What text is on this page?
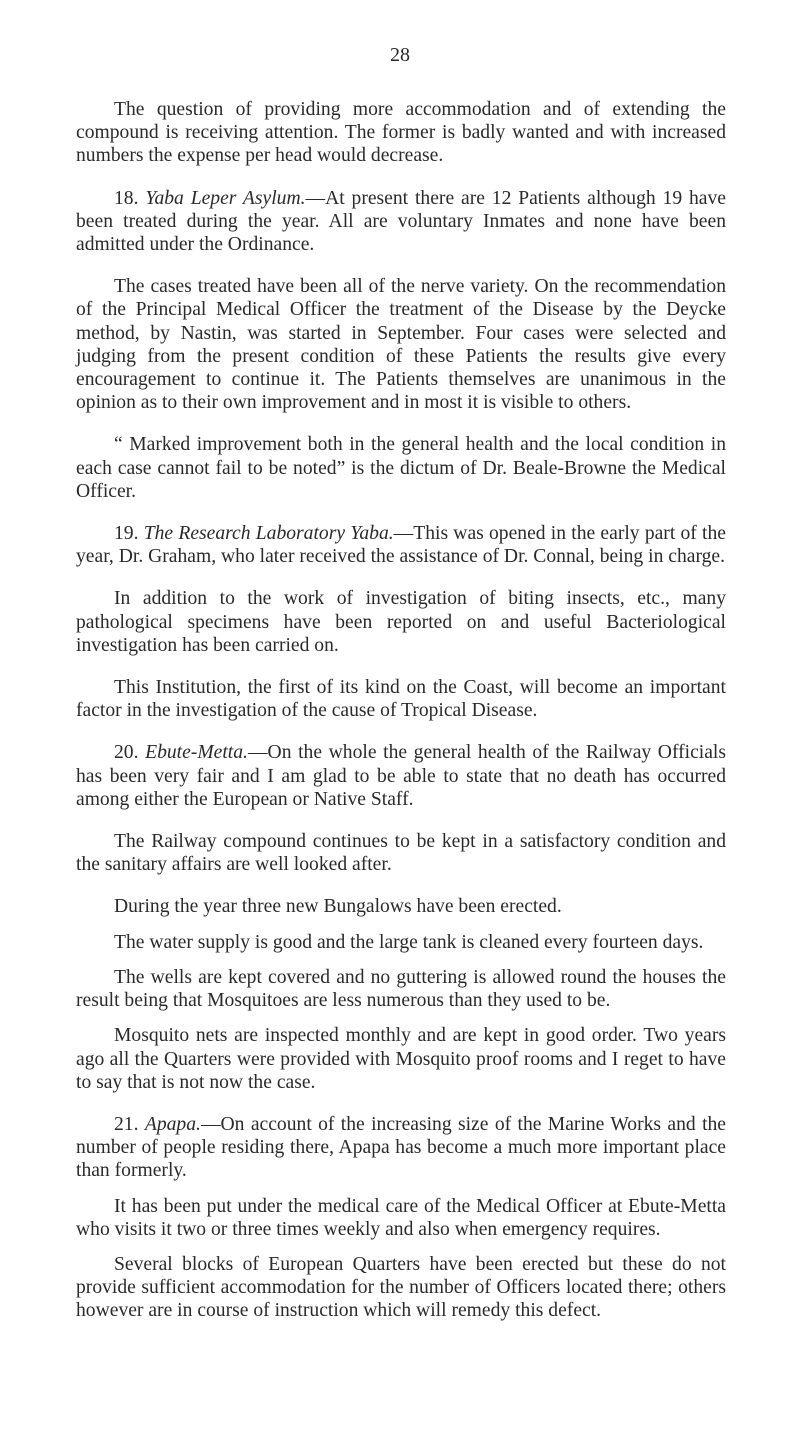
28

The question of providing more accommodation and of extending the compound is receiving attention. The former is badly wanted and with increased numbers the expense per head would decrease.

18. Yaba Leper Asylum.—At present there are 12 Patients although 19 have been treated during the year. All are voluntary Inmates and none have been admitted under the Ordinance.

The cases treated have been all of the nerve variety. On the recommendation of the Principal Medical Officer the treatment of the Disease by the Deycke method, by Nastin, was started in September. Four cases were selected and judging from the present condition of these Patients the results give every encouragement to continue it. The Patients themselves are unanimous in the opinion as to their own improvement and in most it is visible to others.

“ Marked improvement both in the general health and the local condition in each case cannot fail to be noted” is the dictum of Dr. Beale-Browne the Medical Officer.

19. The Research Laboratory Yaba.—This was opened in the early part of the year, Dr. Graham, who later received the assistance of Dr. Connal, being in charge.

In addition to the work of investigation of biting insects, etc., many pathological specimens have been reported on and useful Bacteriological investigation has been carried on.

This Institution, the first of its kind on the Coast, will become an important factor in the investigation of the cause of Tropical Disease.

20. Ebute-Metta.—On the whole the general health of the Railway Officials has been very fair and I am glad to be able to state that no death has occurred among either the European or Native Staff.

The Railway compound continues to be kept in a satisfactory condition and the sanitary affairs are well looked after.

During the year three new Bungalows have been erected.

The water supply is good and the large tank is cleaned every fourteen days.

The wells are kept covered and no guttering is allowed round the houses the result being that Mosquitoes are less numerous than they used to be.

Mosquito nets are inspected monthly and are kept in good order. Two years ago all the Quarters were provided with Mosquito proof rooms and I reget to have to say that is not now the case.

21. Apapa.—On account of the increasing size of the Marine Works and the number of people residing there, Apapa has become a much more important place than formerly.

It has been put under the medical care of the Medical Officer at Ebute-Metta who visits it two or three times weekly and also when emergency requires.

Several blocks of European Quarters have been erected but these do not provide sufficient accommodation for the number of Officers located there; others however are in course of instruction which will remedy this defect.
